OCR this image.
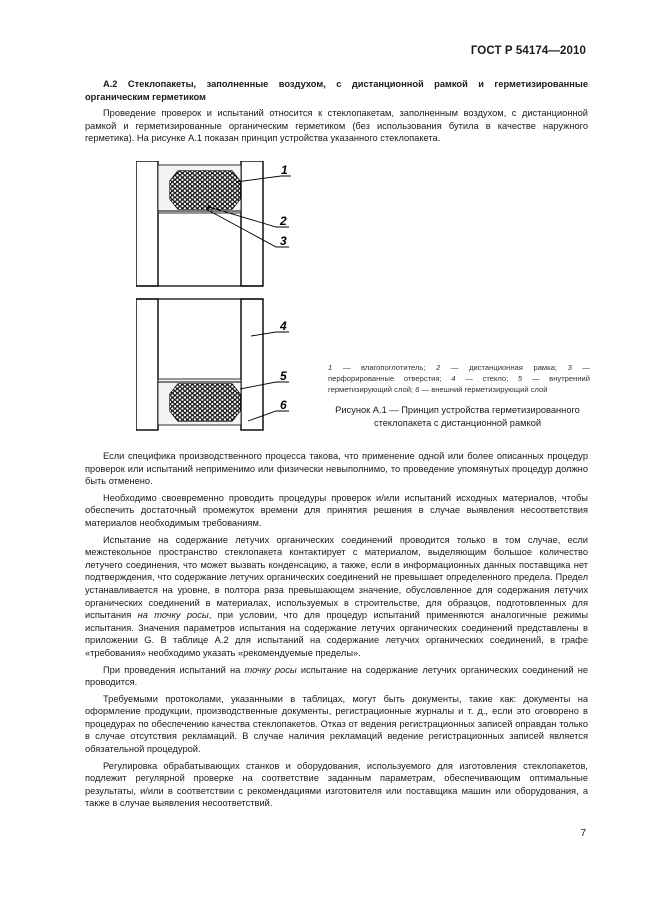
ГОСТ Р 54174—2010

А.2 Стеклопакеты, заполненные воздухом, с дистанционной рамкой и герметизированные органическим герметиком

Проведение проверок и испытаний относится к стеклопакетам, заполненным воздухом, с дистанционной рамкой и герметизированные органическим герметиком (без использования бутила в качестве наружного герметика). На рисунке А.1 показан принцип устройства указанного стеклопакета.

1
2
3
4
5
6
1 — влагопоглотитель; 2 — дистанционная рамка; 3 — перфорированные отверстия; 4 — стекло; 5 — внутренний герметизирующий слой; 6 — внешний герметизирующий слой
Рисунок А.1 — Принцип устройства герметизированного стеклопакета с дистанционной рамкой

Если специфика производственного процесса таковa, что применение одной или более описанных процедур проверок или испытаний неприменимо или физически невыполнимо, то проведение упомянутых процедур должно быть отменено.

Необходимо своевременно проводить процедуры проверок и/или испытаний исходных материалов, чтобы обеспечить достаточный промежуток времени для принятия решения в случае выявления несоответствия материалов необходимым требованиям.

Испытание на содержание летучих органических соединений проводится только в том случае, если межстекольное пространство стеклопакета контактирует с материалом, выделяющим большое количество летучего соединения, что может вызвать конденсацию, а также, если в информационных данных поставщика нет подтверждения, что содержание летучих органических соединений не превышает определенного предела. Предел устанавливается на уровне, в полтора раза превышающем значение, обусловленное для содержания летучих органических соединений в материалах, используемых в строительстве, для образцов, подготовленных для испытания на точку росы, при условии, что для процедур испытаний применяются аналогичные режимы испытания. Значения параметров испытания на содержание летучих органических соединений представлены в приложении G. В таблице А.2 для испытаний на содержание летучих органических соединений, в графе «требования» необходимо указать «рекомендуемые пределы».

При проведения испытаний на точку росы испытание на содержание летучих органических соединений не проводится.

Требуемыми протоколами, указанными в таблицах, могут быть документы, такие как: документы на оформление продукции, производственные документы, регистрационные журналы и т. д., если это оговорено в процедурах по обеспечению качества стеклопакетов. Отказ от ведения регистрационных записей оправдан только в случае отсутствия рекламаций. В случае наличия рекламаций ведение регистрационных записей является обязательной процедурой.

Регулировка обрабатывающих станков и оборудования, используемого для изготовления стеклопакетов, подлежит регулярной проверке на соответствие заданным параметрам, обеспечивающим оптимальные результаты, и/или в соответствии с рекомендациями изготовителя или поставщика машин или оборудования, а также в случае выявления несоответствий.

7
